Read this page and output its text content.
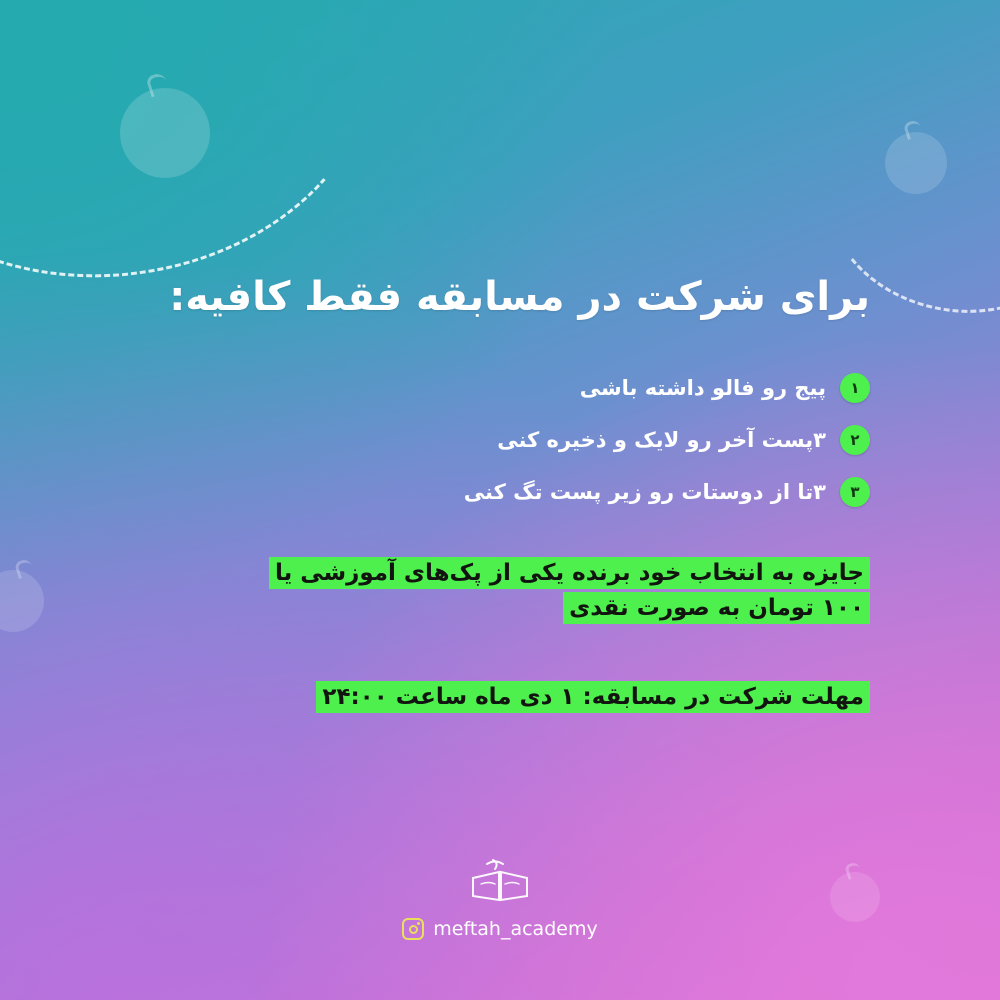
برای شرکت در مسابقه فقط کافیه:
۱
پیج رو فالو داشته باشی
۲
۳پست آخر رو لایک و ذخیره کنی
۳
۳تا از دوستات رو زیر پست تگ کنی
جایزه به انتخاب خود برنده یکی از پک‌های آموزشی یا
۱۰۰ تومان به صورت نقدی
مهلت شرکت در مسابقه: ۱ دی ماه ساعت ۲۴:۰۰
meftah_academy
